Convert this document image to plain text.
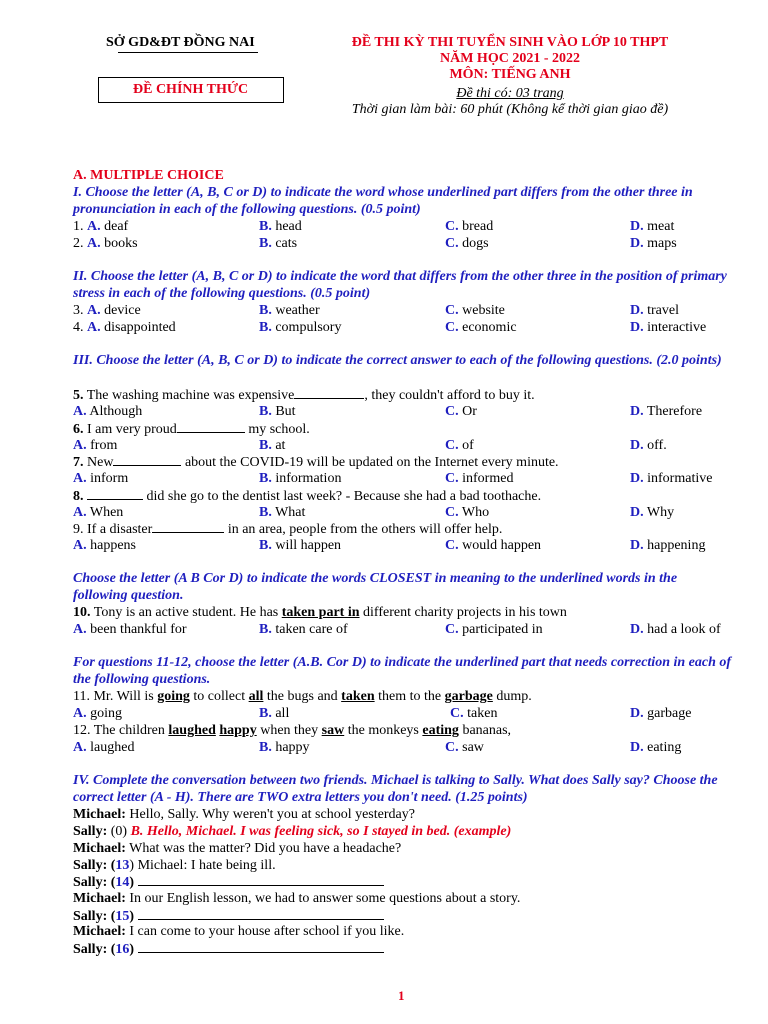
SỞ GD&ĐT ĐỒNG NAI
ĐỀ CHÍNH THỨC
ĐỀ THI KỲ THI TUYỂN SINH VÀO LỚP 10 THPT
NĂM HỌC 2021 - 2022
MÔN: TIẾNG ANH
Đề thi có: 03 trang
Thời gian làm bài: 60 phút (Không kể thời gian giao đề)
A. MULTIPLE CHOICE
I. Choose the letter (A, B, C or D) to indicate the word whose underlined part differs from the other three in pronunciation in each of the following questions. (0.5 point)
1. A. deaf	B. head	C. bread	D. meat
2. A. books	B. cats	C. dogs	D. maps
II. Choose the letter (A, B, C or D) to indicate the word that differs from the other three in the position of primary stress in each of the following questions. (0.5 point)
3. A. device	B. weather	C. website	D. travel
4. A. disappointed	B. compulsory	C. economic	D. interactive
III. Choose the letter (A, B, C or D) to indicate the correct answer to each of the following questions. (2.0 points)
5. The washing machine was expensive	, they couldn't afford to buy it.
A. Although	B. But	C. Or	D. Therefore
6. I am very proud	my school.
A. from	B. at	C. of	D. off.
7. New	about the COVID-19 will be updated on the Internet every minute.
A. inform	B. information	C. informed	D. informative
8.	did she go to the dentist last week? - Because she had a bad toothache.
A. When	B. What	C. Who	D. Why
9. If a disaster	in an area, people from the others will offer help.
A. happens	B. will happen	C. would happen	D. happening
Choose the letter (A B Cor D) to indicate the words CLOSEST in meaning to the underlined words in the following question.
10. Tony is an active student. He has taken part in different charity projects in his town
A. been thankful for	B. taken care of	C. participated in	D. had a look of
For questions 11-12, choose the letter (A.B. Cor D) to indicate the underlined part that needs correction in each of the following questions.
11. Mr. Will is going to collect all the bugs and taken them to the garbage dump.
A. going	B. all	C. taken	D. garbage
12. The children laughed happy when they saw the monkeys eating bananas,
A. laughed	B. happy	C. saw	D. eating
IV. Complete the conversation between two friends. Michael is talking to Sally. What does Sally say? Choose the correct letter (A - H). There are TWO extra letters you don't need. (1.25 points)
Michael: Hello, Sally. Why weren't you at school yesterday?
Sally: (0) B. Hello, Michael. I was feeling sick, so I stayed in bed. (example)
Michael: What was the matter? Did you have a headache?
Sally: (13) Michael: I hate being ill.
Sally: (14)
Michael: In our English lesson, we had to answer some questions about a story.
Sally: (15)
Michael: I can come to your house after school if you like.
Sally: (16)
1
